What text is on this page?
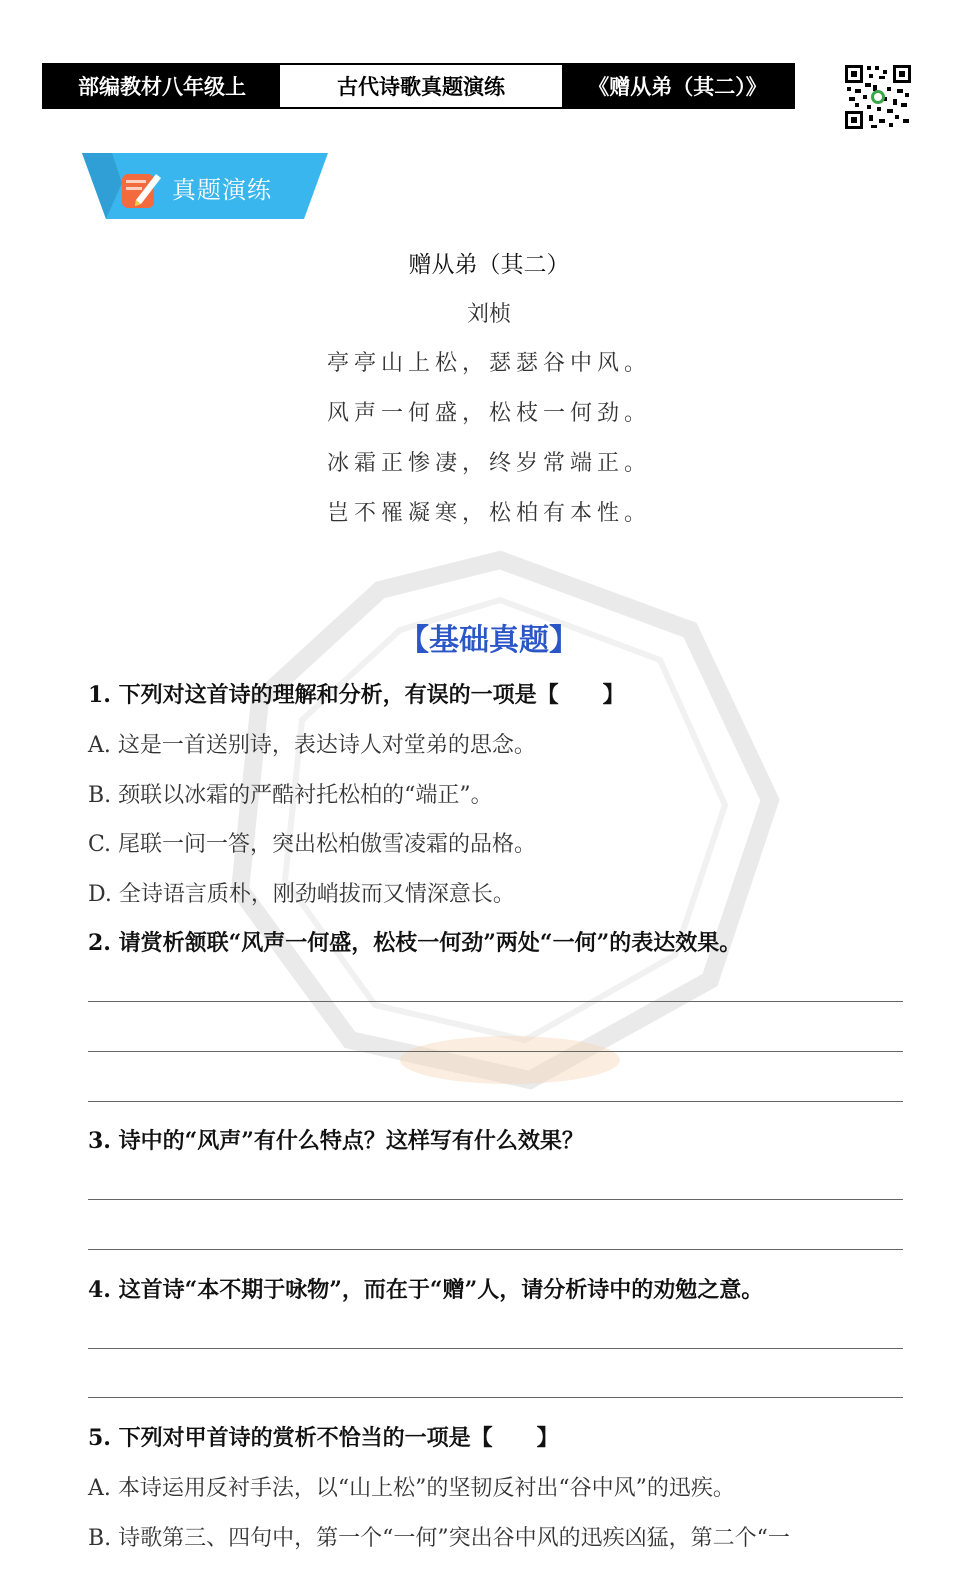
部编教材八年级上	古代诗歌真题演练	《赠从弟（其二）》
真题演练
赠从弟（其二）
刘桢
亭亭山上松，瑟瑟谷中风。
风声一何盛，松枝一何劲。
冰霜正惨凄，终岁常端正。
岂不罹凝寒，松柏有本性。
【基础真题】
1. 下列对这首诗的理解和分析，有误的一项是【　　】
A. 这是一首送别诗，表达诗人对堂弟的思念。
B. 颈联以冰霜的严酷衬托松柏的“端正”。
C. 尾联一问一答，突出松柏傲雪凌霜的品格。
D. 全诗语言质朴，刚劲峭拔而又情深意长。
2. 请赏析颔联“风声一何盛，松枝一何劲”两处“一何”的表达效果。
3. 诗中的“风声”有什么特点？这样写有什么效果？
4. 这首诗“本不期于咏物”，而在于“赠”人，请分析诗中的劝勉之意。
5. 下列对甲首诗的赏析不恰当的一项是【　　】
A. 本诗运用反衬手法，以“山上松”的坚韧反衬出“谷中风”的迅疾。
B. 诗歌第三、四句中，第一个“一何”突出谷中风的迅疾凶猛，第二个“一
